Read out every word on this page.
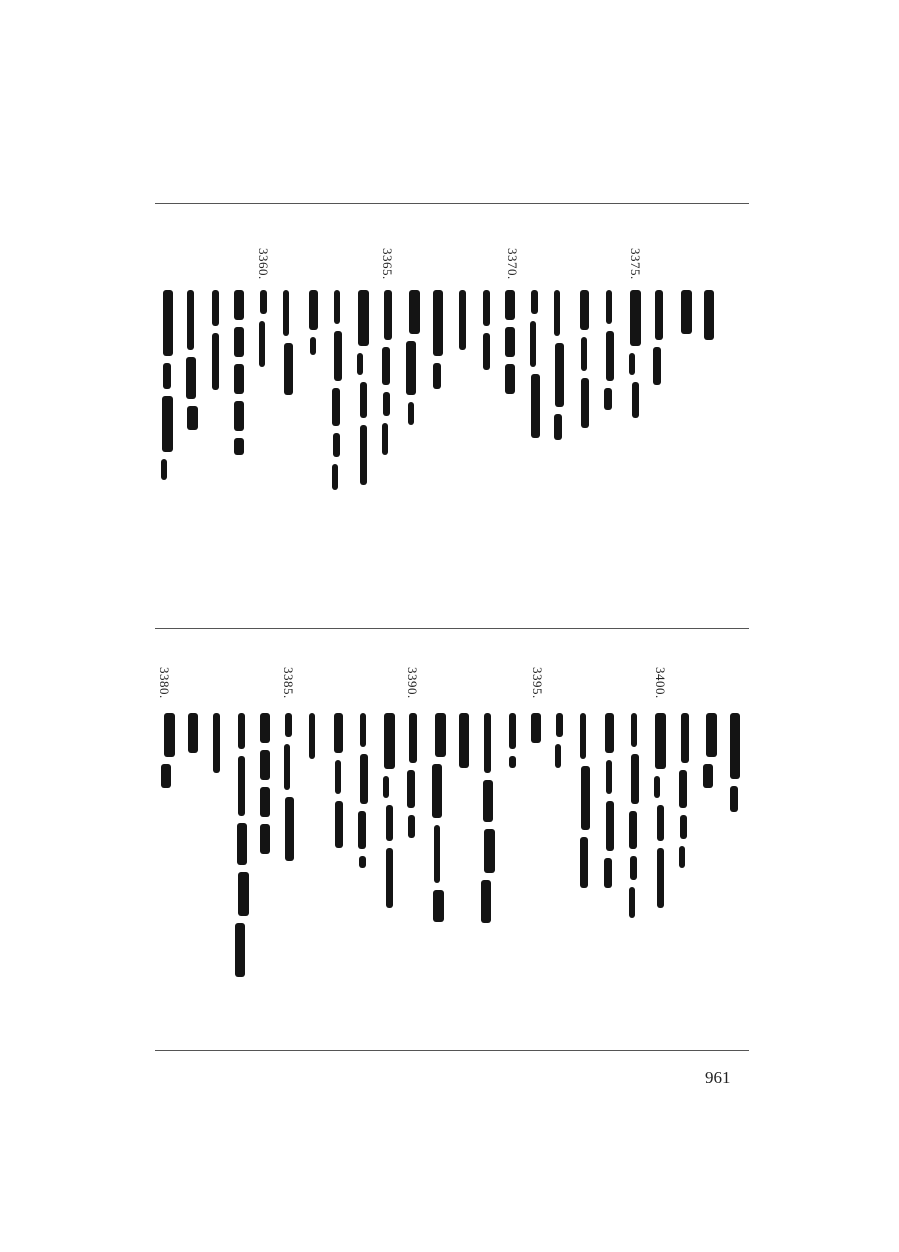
3375.
3370.
3365.
3360.
3400.
3395.
3390.
3385.
3380.
961
